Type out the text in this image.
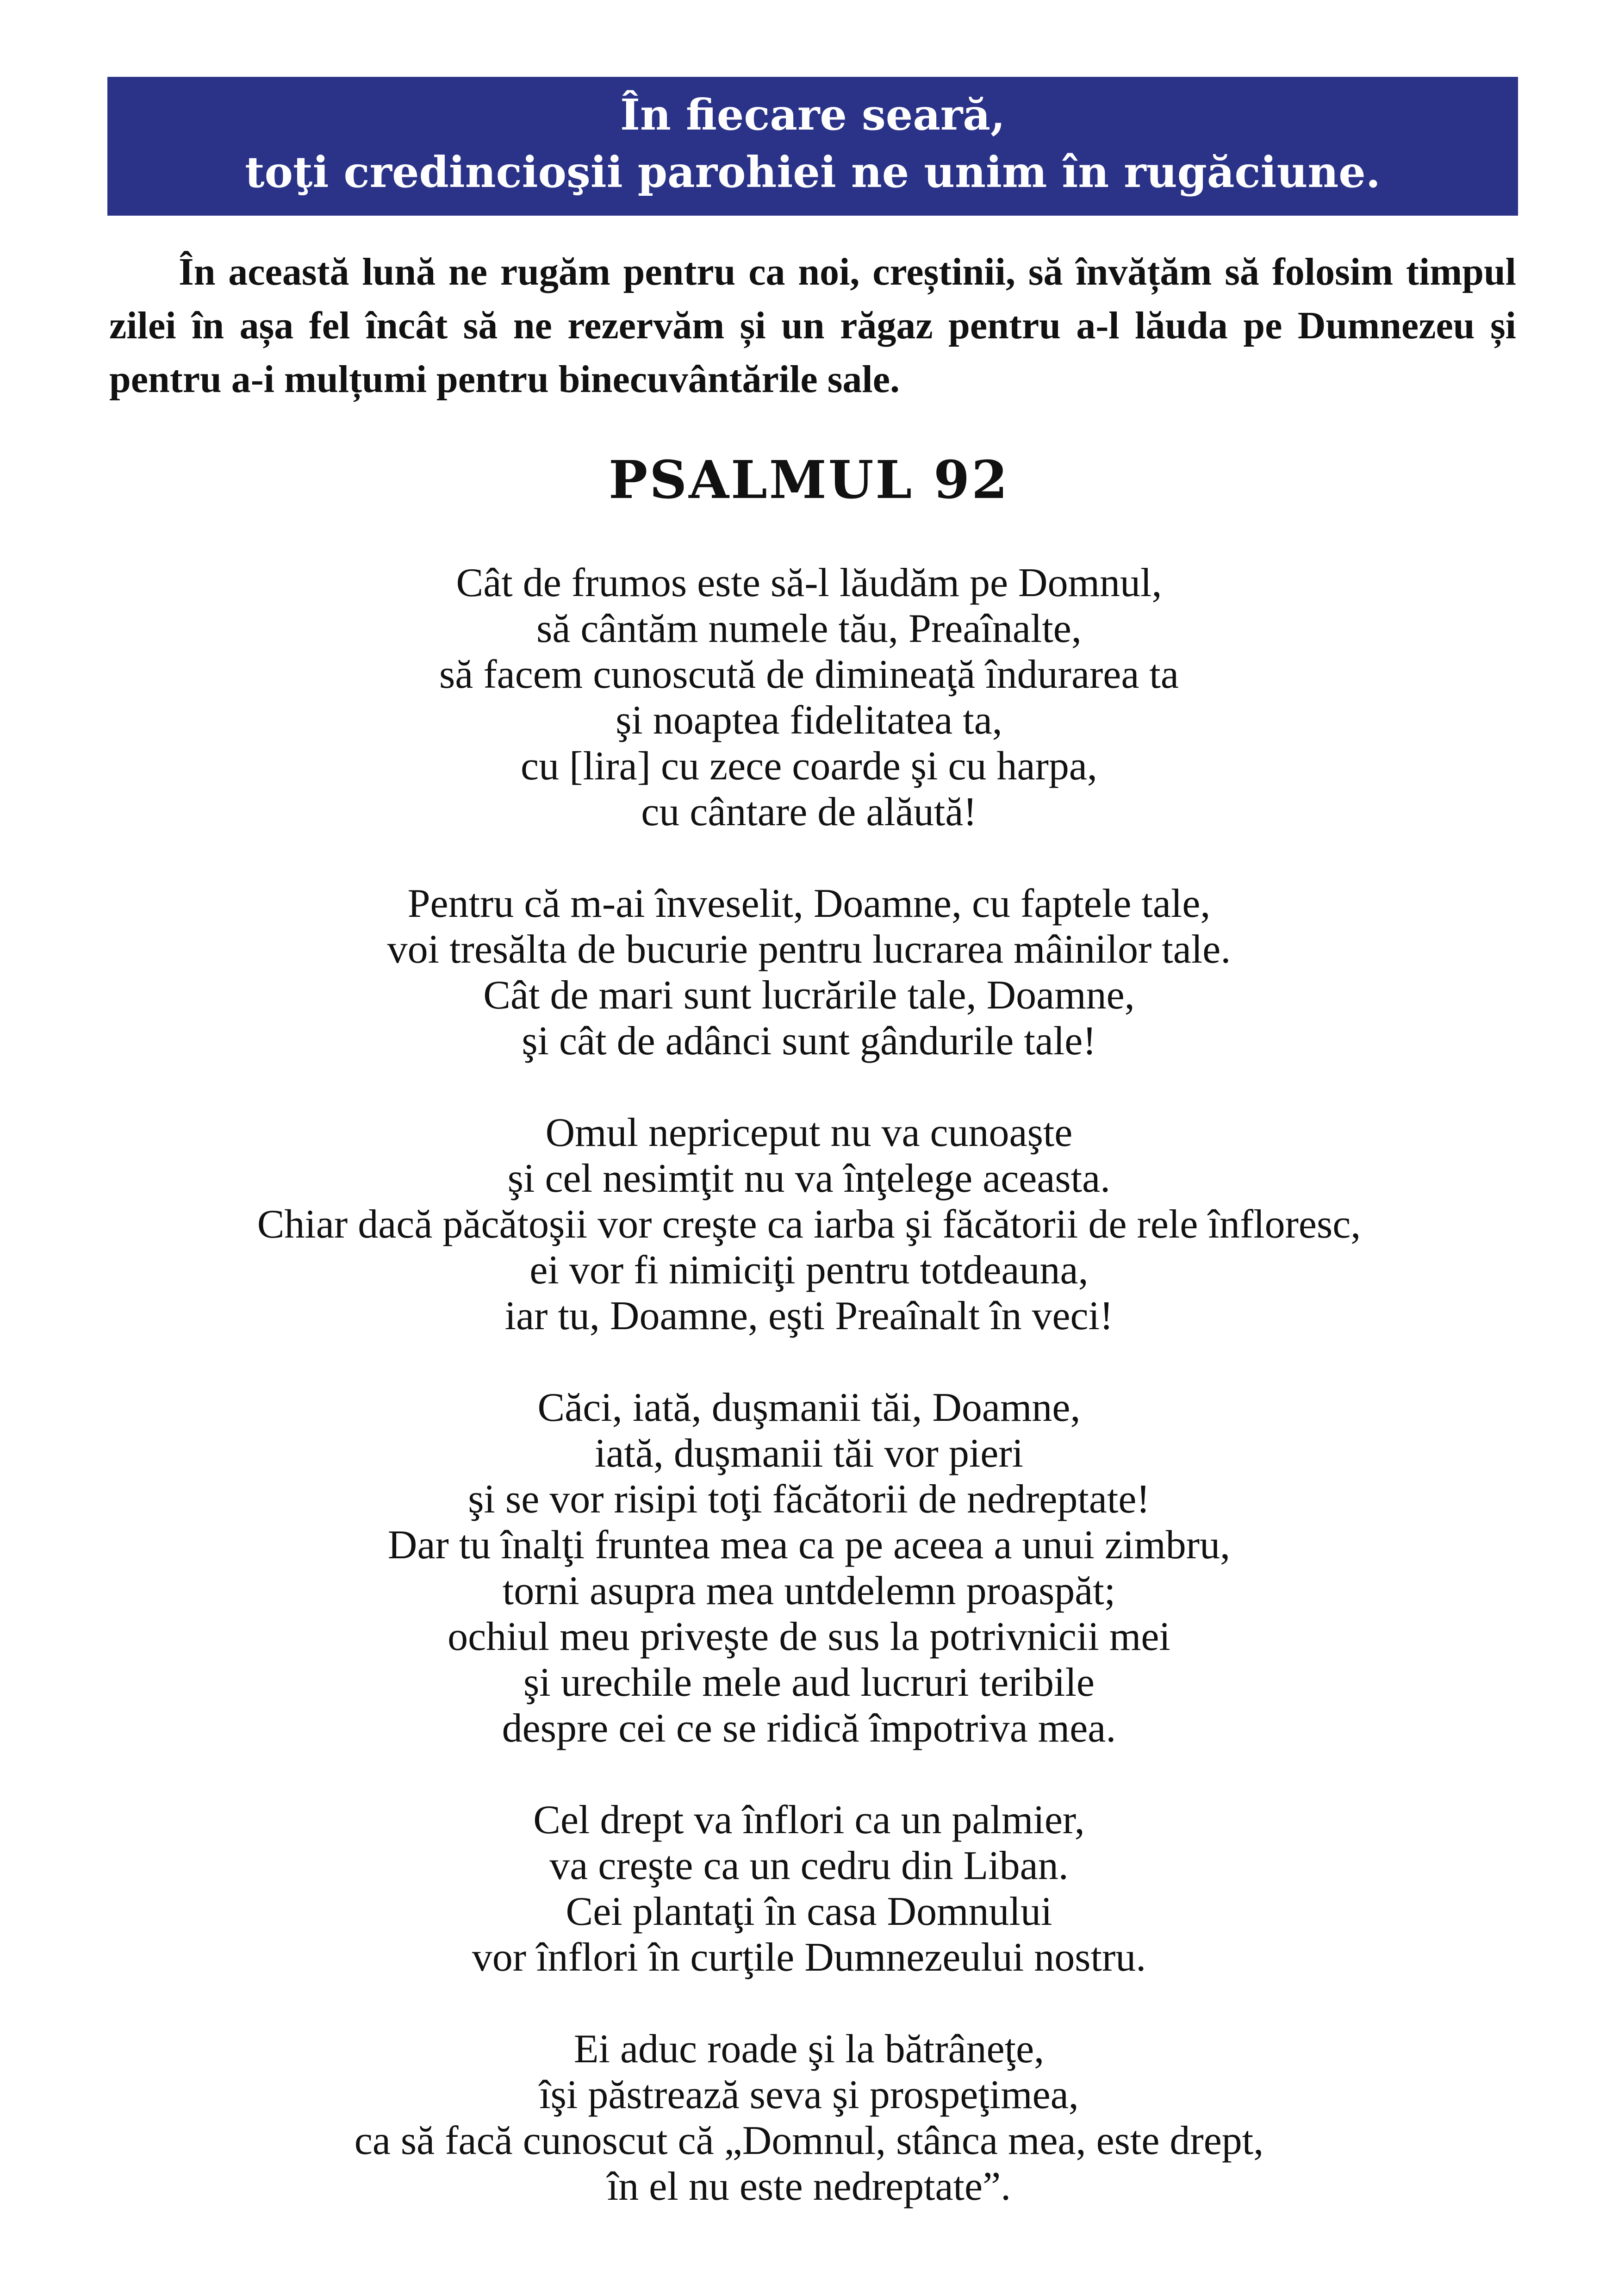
În fiecare seară,
toţi credincioşii parohiei ne unim în rugăciune.

În această lună ne rugăm pentru ca noi, creștinii, să învățăm să folosim timpul zilei în așa fel încât să ne rezervăm și un răgaz pentru a-l lăuda pe Dumnezeu și pentru a-i mulțumi pentru binecuvântările sale.

PSALMUL 92
Cât de frumos este să-l lăudăm pe Domnul,
să cântăm numele tău, Preaînalte,
să facem cunoscută de dimineaţă îndurarea ta
şi noaptea fidelitatea ta,
cu [lira] cu zece coarde şi cu harpa,
cu cântare de alăută!
Pentru că m-ai înveselit, Doamne, cu faptele tale,
voi tresălta de bucurie pentru lucrarea mâinilor tale.
Cât de mari sunt lucrările tale, Doamne,
şi cât de adânci sunt gândurile tale!
Omul nepriceput nu va cunoaşte
şi cel nesimţit nu va înţelege aceasta.
Chiar dacă păcătoşii vor creşte ca iarba şi făcătorii de rele înfloresc,
ei vor fi nimiciţi pentru totdeauna,
iar tu, Doamne, eşti Preaînalt în veci!
Căci, iată, duşmanii tăi, Doamne,
iată, duşmanii tăi vor pieri
şi se vor risipi toţi făcătorii de nedreptate!
Dar tu înalţi fruntea mea ca pe aceea a unui zimbru,
torni asupra mea untdelemn proaspăt;
ochiul meu priveşte de sus la potrivnicii mei
şi urechile mele aud lucruri teribile
despre cei ce se ridică împotriva mea.
Cel drept va înflori ca un palmier,
va creşte ca un cedru din Liban.
Cei plantaţi în casa Domnului
vor înflori în curţile Dumnezeului nostru.
Ei aduc roade şi la bătrâneţe,
îşi păstrează seva şi prospeţimea,
ca să facă cunoscut că „Domnul, stânca mea, este drept,
în el nu este nedreptate”.
